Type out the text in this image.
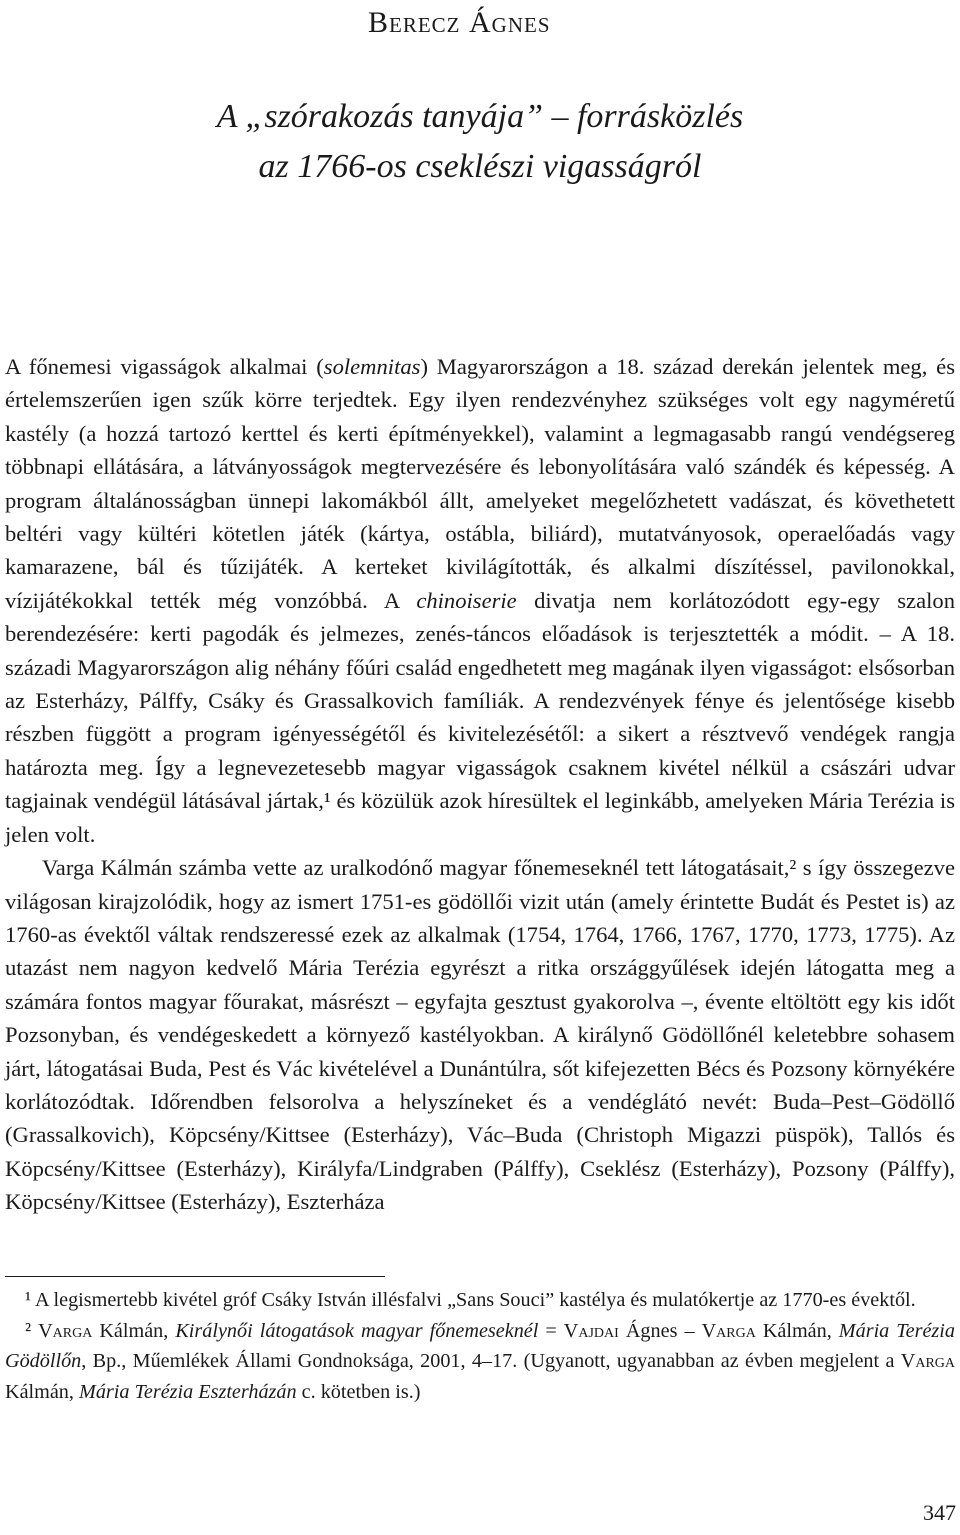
Berecz Ágnes
A „szórakozás tanyája” – forrásközlés
az 1766-os cseklészi vigasságról

A főnemesi vigasságok alkalmai (solemnitas) Magyarországon a 18. század derekán jelentek meg, és értelemszerűen igen szűk körre terjedtek. Egy ilyen rendezvényhez szükséges volt egy nagyméretű kastély (a hozzá tartozó kerttel és kerti építményekkel), valamint a legmagasabb rangú vendégsereg többnapi ellátására, a látványosságok megtervezésére és lebonyolítására való szándék és képesség. A program általánosságban ünnepi lakomákból állt, amelyeket megelőzhetett vadászat, és követhetett beltéri vagy kültéri kötetlen játék (kártya, ostábla, biliárd), mutatványosok, operaelőadás vagy kamarazene, bál és tűzijáték. A kerteket kivilágították, és alkalmi díszítéssel, pavilonokkal, vízijátékokkal tették még vonzóbbá. A chinoiserie divatja nem korlátozódott egy-egy szalon berendezésére: kerti pagodák és jelmezes, zenés-táncos előadások is terjesztették a módit. – A 18. századi Magyarországon alig néhány főúri család engedhetett meg magának ilyen vigasságot: elsősorban az Esterházy, Pálffy, Csáky és Grassalkovich famíliák. A rendezvények fénye és jelentősége kisebb részben függött a program igényességétől és kivitelezésétől: a sikert a résztvevő vendégek rangja határozta meg. Így a legnevezetesebb magyar vigasságok csaknem kivétel nélkül a császári udvar tagjainak vendégül látásával jártak,¹ és közülük azok híresültek el leginkább, amelyeken Mária Terézia is jelen volt.

Varga Kálmán számba vette az uralkodónő magyar főnemeseknél tett látogatásait,² s így összegezve világosan kirajzolódik, hogy az ismert 1751-es gödöllői vizit után (amely érintette Budát és Pestet is) az 1760-as évektől váltak rendszeressé ezek az alkalmak (1754, 1764, 1766, 1767, 1770, 1773, 1775). Az utazást nem nagyon kedvelő Mária Terézia egyrészt a ritka országgyűlések idején látogatta meg a számára fontos magyar főurakat, másrészt – egyfajta gesztust gyakorolva –, évente eltöltött egy kis időt Pozsonyban, és vendégeskedett a környező kastélyokban. A királynő Gödöllőnél keletebbre sohasem járt, látogatásai Buda, Pest és Vác kivételével a Dunántúlra, sőt kifejezetten Bécs és Pozsony környékére korlátozódtak. Időrendben felsorolva a helyszíneket és a vendéglátó nevét: Buda–Pest–Gödöllő (Grassalkovich), Köpcsény/Kittsee (Esterházy), Vác–Buda (Christoph Migazzi püspök), Tallós és Köpcsény/Kittsee (Esterházy), Királyfa/Lindgraben (Pálffy), Cseklész (Esterházy), Pozsony (Pálffy), Köpcsény/Kittsee (Esterházy), Eszterháza

¹ A legismertebb kivétel gróf Csáky István illésfalvi „Sans Souci” kastélya és mulatókertje az 1770-es évektől.

² Varga Kálmán, Királynői látogatások magyar főnemeseknél = Vajdai Ágnes – Varga Kálmán, Mária Terézia Gödöllőn, Bp., Műemlékek Állami Gondnoksága, 2001, 4–17. (Ugyanott, ugyanabban az évben megjelent a Varga Kálmán, Mária Terézia Eszterházán c. kötetben is.)

347
